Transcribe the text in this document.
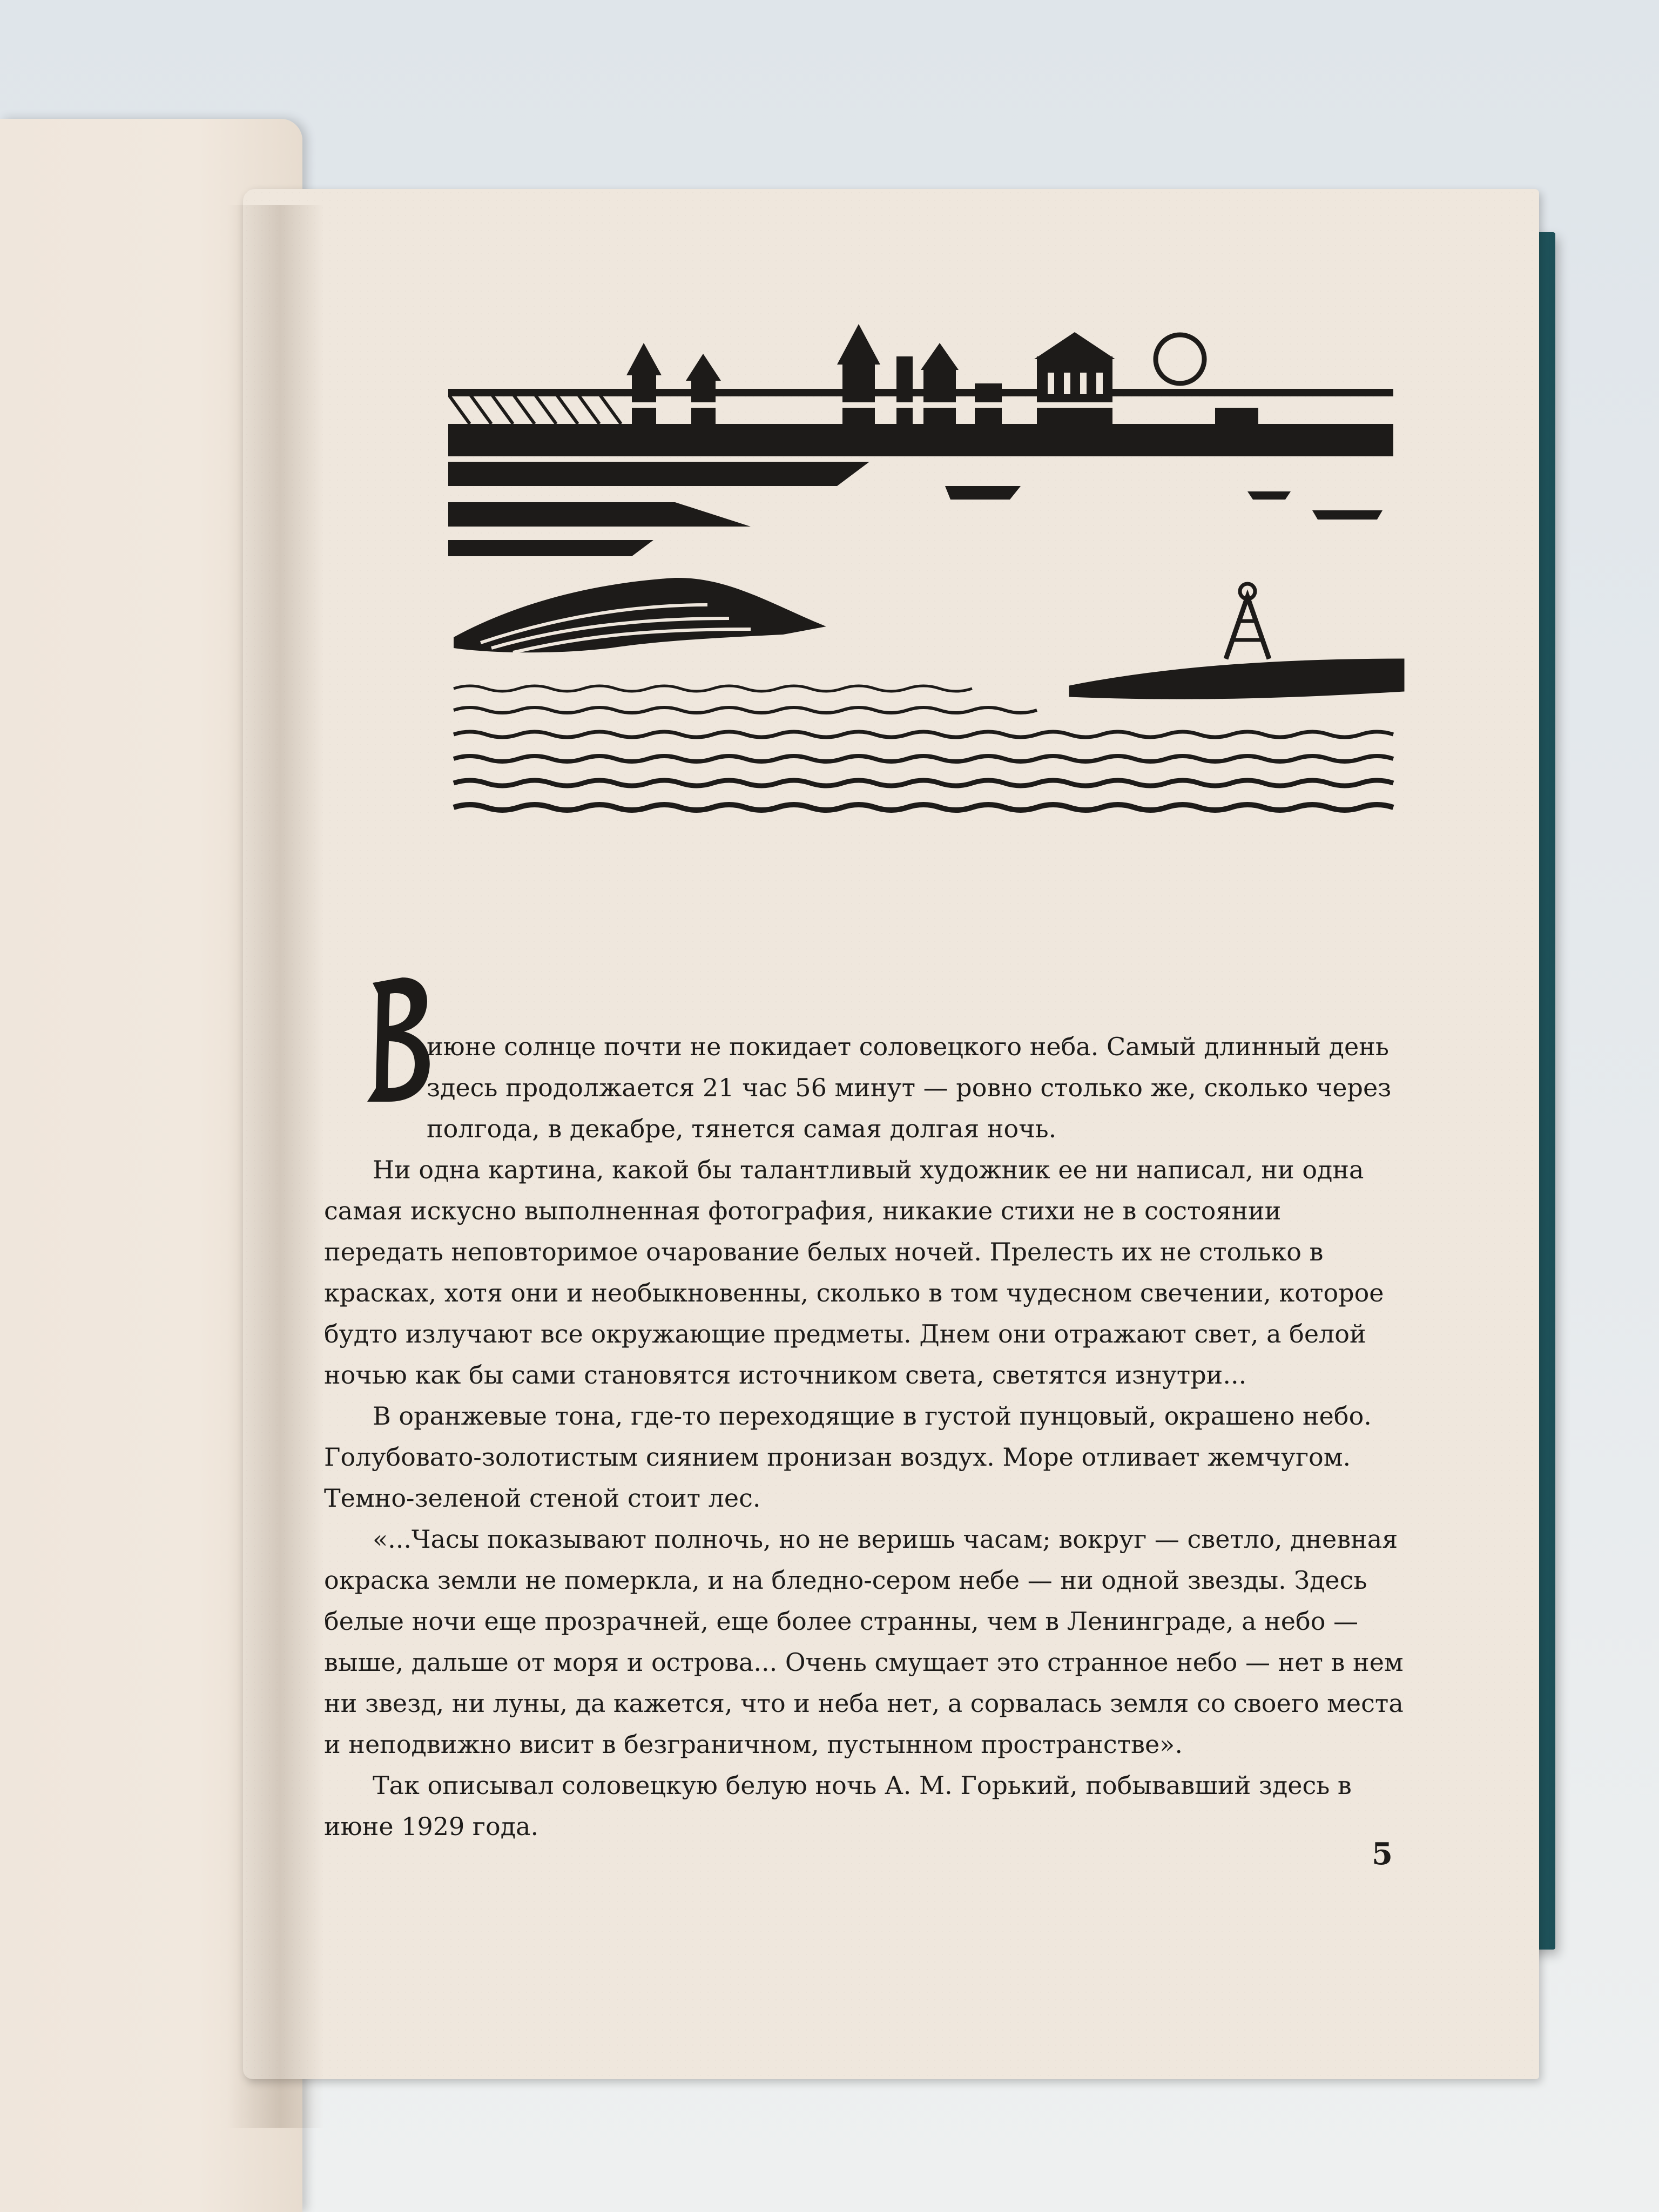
июне солнце почти не покидает соловецкого неба. Самый длинный день здесь продолжается 21 час 56 минут — ровно столько же, сколько через полгода, в декабре, тянется самая долгая ночь.

Ни одна картина, какой бы талантливый художник ее ни написал, ни одна самая искусно выполненная фотография, никакие стихи не в состоянии передать неповторимое очарование белых ночей. Прелесть их не столько в красках, хотя они и необыкновенны, сколько в том чудесном свечении, которое будто излучают все окружающие предметы. Днем они отражают свет, а белой ночью как бы сами становятся источником света, светятся изнутри...

В оранжевые тона, где-то переходящие в густой пунцовый, окрашено небо. Голубовато-золотистым сиянием пронизан воздух. Море отливает жемчугом. Темно-зеленой стеной стоит лес.

«...Часы показывают полночь, но не веришь часам; вокруг — светло, дневная окраска земли не померкла, и на бледно-сером небе — ни одной звезды. Здесь белые ночи еще прозрачней, еще более странны, чем в Ленинграде, а небо — выше, дальше от моря и острова... Очень смущает это странное небо — нет в нем ни звезд, ни луны, да кажется, что и неба нет, а сорвалась земля со своего места и неподвижно висит в безграничном, пустынном пространстве».

Так описывал соловецкую белую ночь А. М. Горький, побывавший здесь в июне 1929 года.

5
